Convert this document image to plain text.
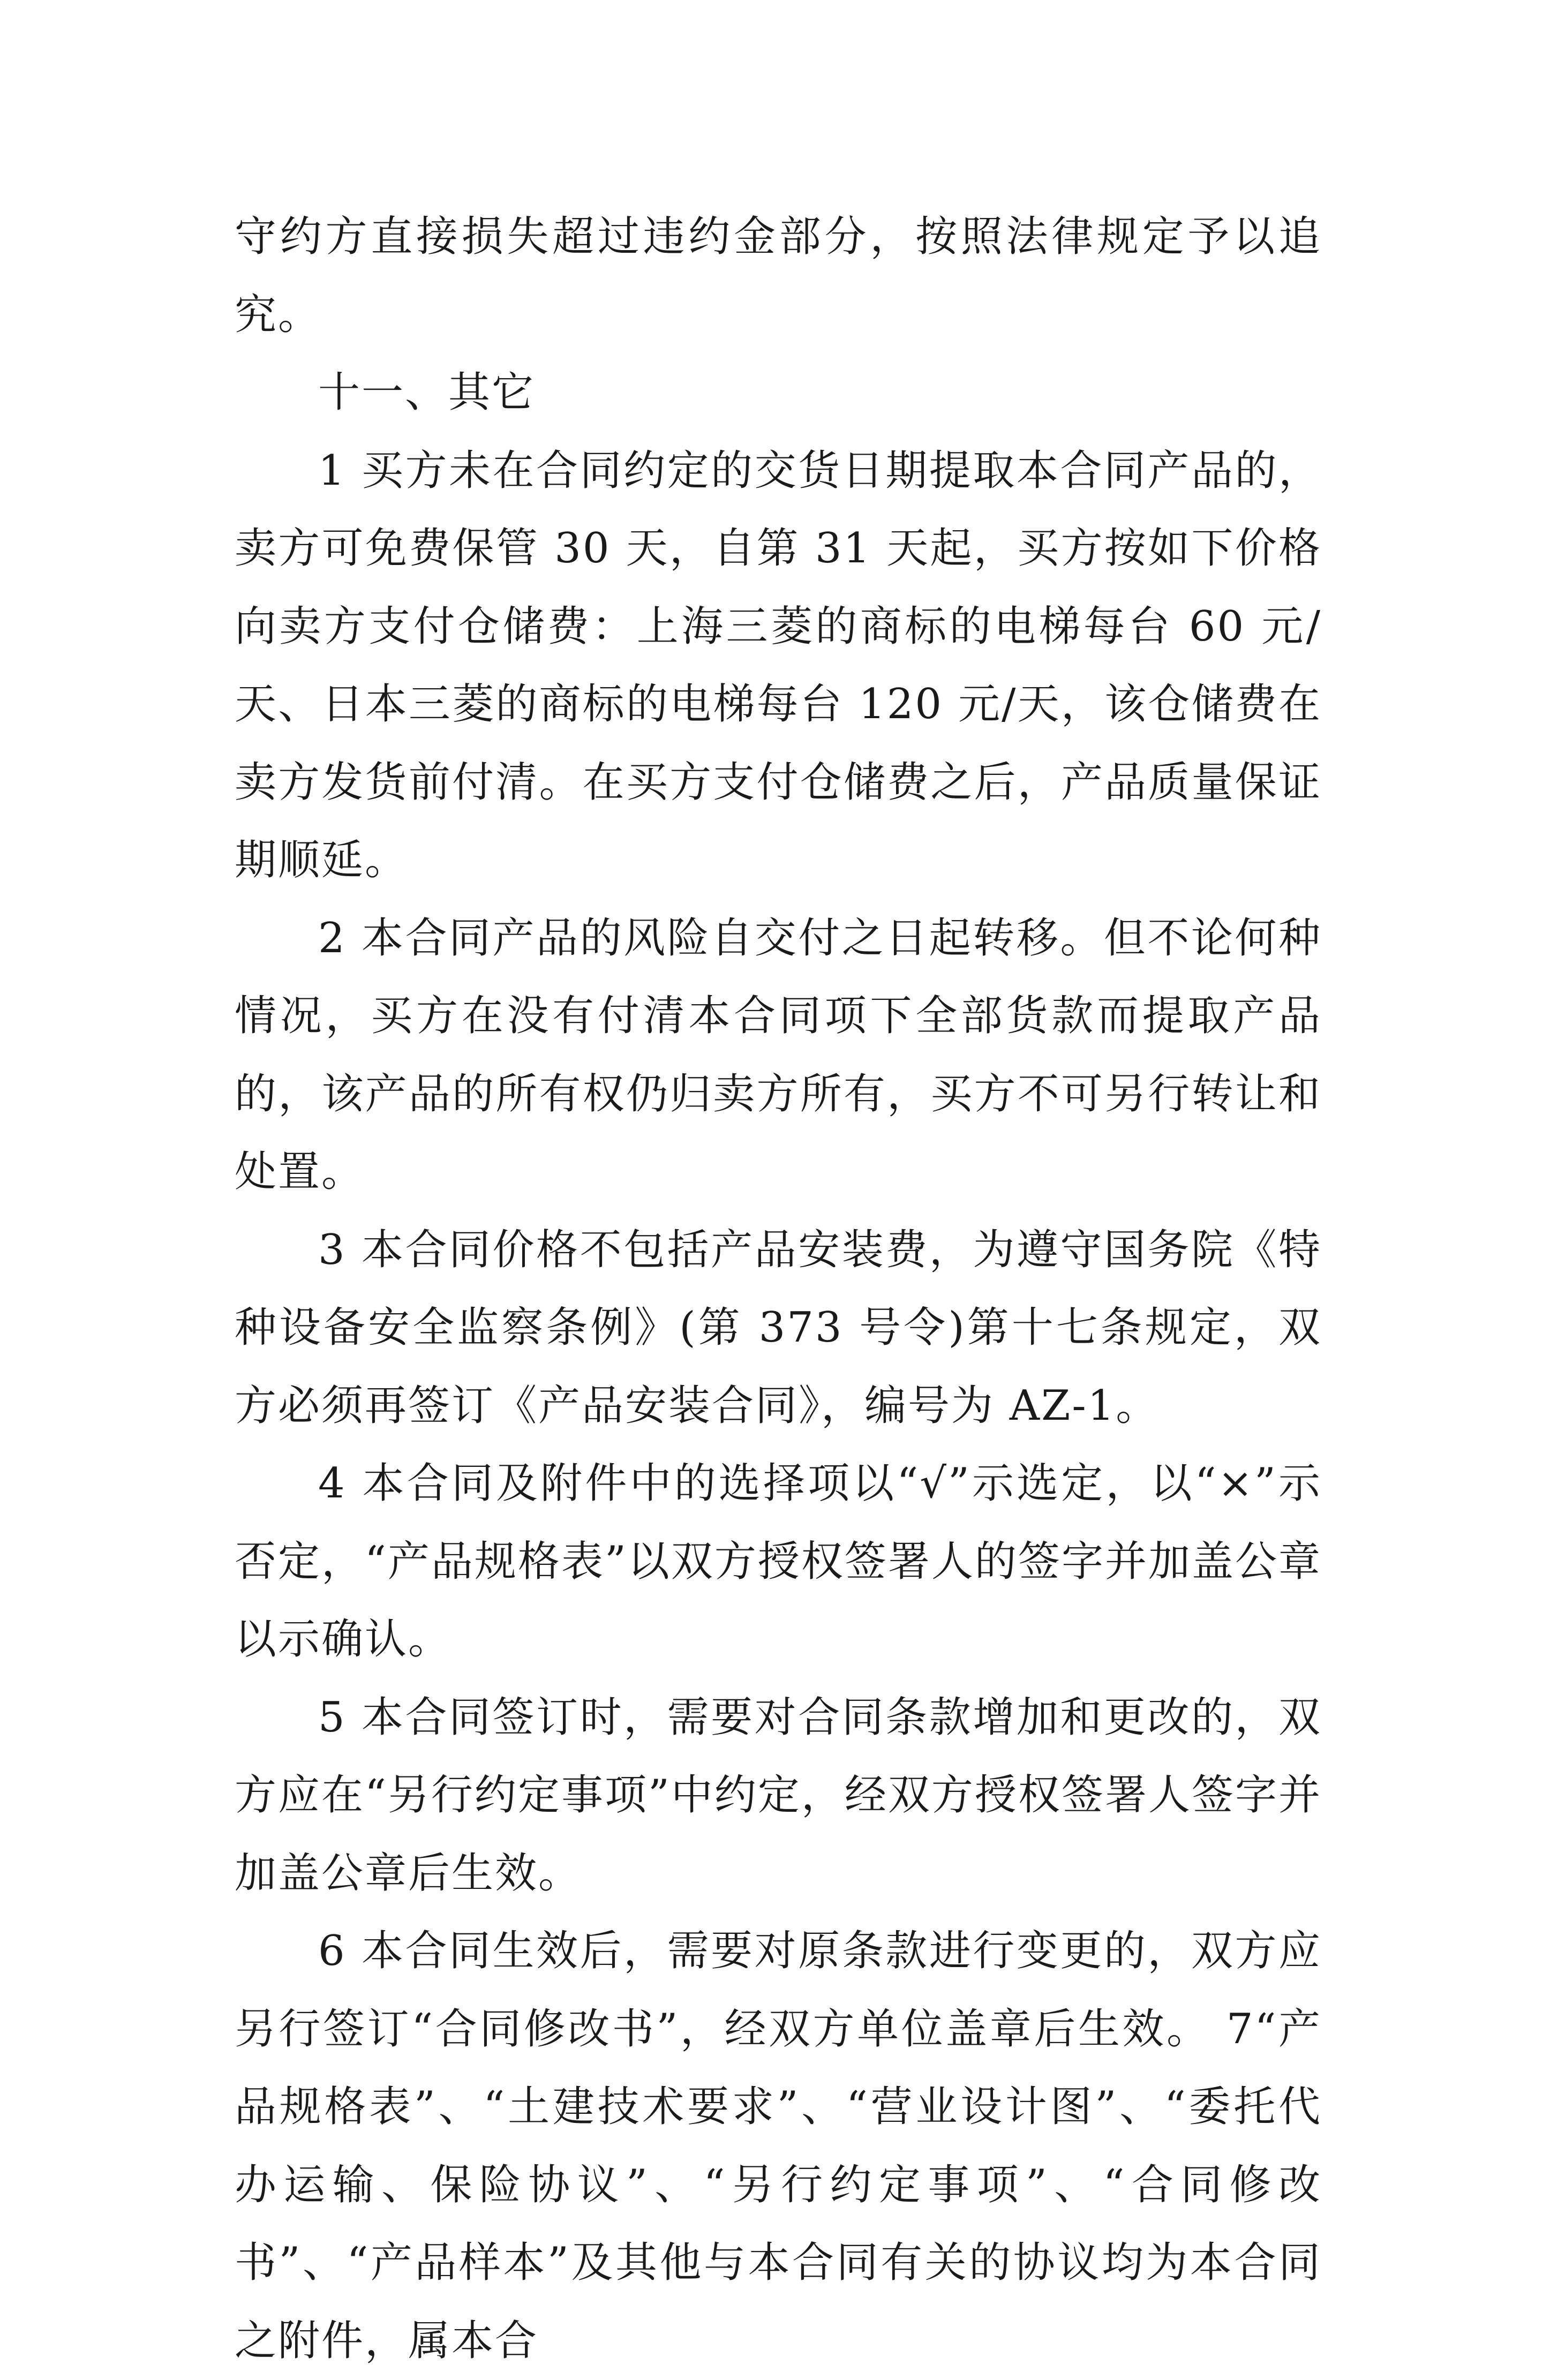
守约方直接损失超过违约金部分，按照法律规定予以追究。

十一、其它

1 买方未在合同约定的交货日期提取本合同产品的，卖方可免费保管 30 天，自第 31 天起，买方按如下价格向卖方支付仓储费：上海三菱的商标的电梯每台 60 元/天、日本三菱的商标的电梯每台 120 元/天，该仓储费在卖方发货前付清。在买方支付仓储费之后，产品质量保证期顺延。

2 本合同产品的风险自交付之日起转移。但不论何种情况，买方在没有付清本合同项下全部货款而提取产品的，该产品的所有权仍归卖方所有，买方不可另行转让和处置。

3 本合同价格不包括产品安装费，为遵守国务院《特种设备安全监察条例》(第 373 号令)第十七条规定，双方必须再签订《产品安装合同》，编号为 AZ-1。

4 本合同及附件中的选择项以“√”示选定，以“×”示否定，“产品规格表”以双方授权签署人的签字并加盖公章以示确认。

5 本合同签订时，需要对合同条款增加和更改的，双方应在“另行约定事项”中约定，经双方授权签署人签字并加盖公章后生效。

6 本合同生效后，需要对原条款进行变更的，双方应另行签订“合同修改书”，经双方单位盖章后生效。 7“产品规格表”、“土建技术要求”、“营业设计图”、“委托代办运输、保险协议”、“另行约定事项”、“合同修改书”、“产品样本”及其他与本合同有关的协议均为本合同之附件，属本合
